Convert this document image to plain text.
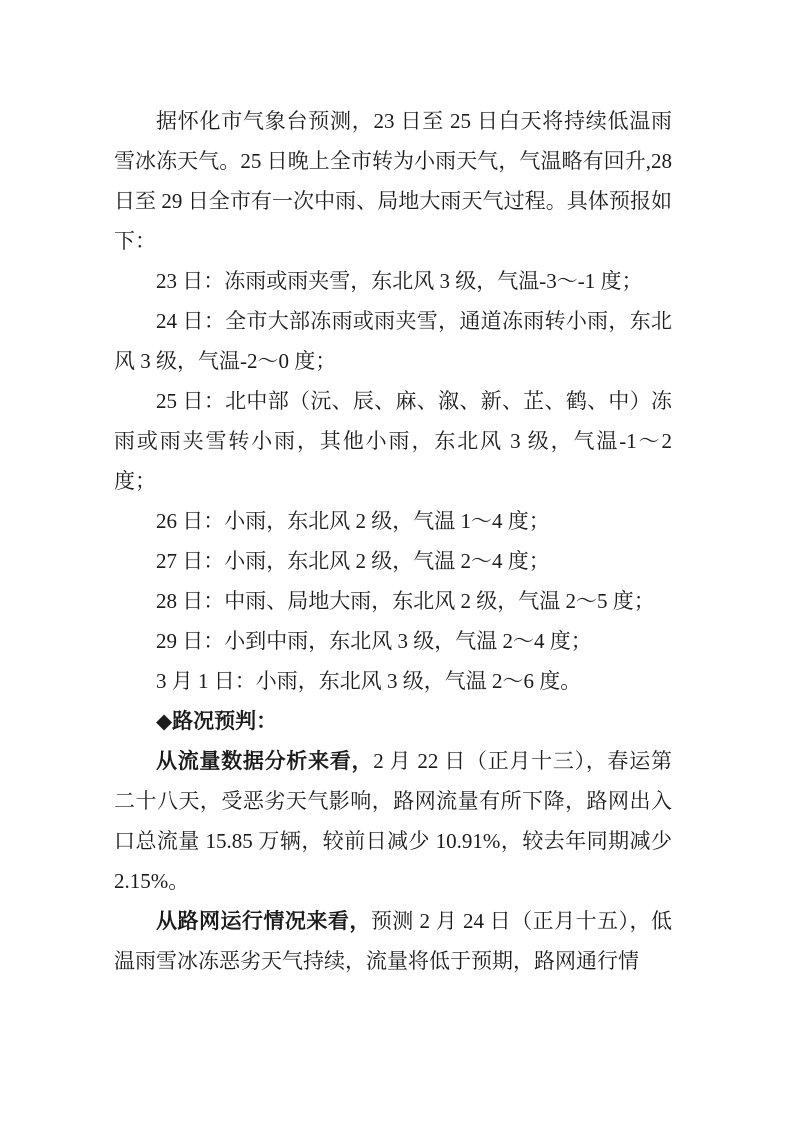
据怀化市气象台预测，23 日至 25 日白天将持续低温雨雪冰冻天气。25 日晚上全市转为小雨天气，气温略有回升,28 日至 29 日全市有一次中雨、局地大雨天气过程。具体预报如下：

23 日：冻雨或雨夹雪，东北风 3 级，气温-3～-1 度；

24 日：全市大部冻雨或雨夹雪，通道冻雨转小雨，东北风 3 级，气温-2～0 度；

25 日：北中部（沅、辰、麻、溆、新、芷、鹤、中）冻雨或雨夹雪转小雨，其他小雨，东北风 3 级，气温-1～2 度；

26 日：小雨，东北风 2 级，气温 1～4 度；

27 日：小雨，东北风 2 级，气温 2～4 度；

28 日：中雨、局地大雨，东北风 2 级，气温 2～5 度；

29 日：小到中雨，东北风 3 级，气温 2～4 度；

3 月 1 日：小雨，东北风 3 级，气温 2～6 度。

◆路况预判：

从流量数据分析来看，2 月 22 日（正月十三），春运第二十八天，受恶劣天气影响，路网流量有所下降，路网出入口总流量 15.85 万辆，较前日减少 10.91%，较去年同期减少 2.15%。

从路网运行情况来看，预测 2 月 24 日（正月十五），低温雨雪冰冻恶劣天气持续，流量将低于预期，路网通行情
